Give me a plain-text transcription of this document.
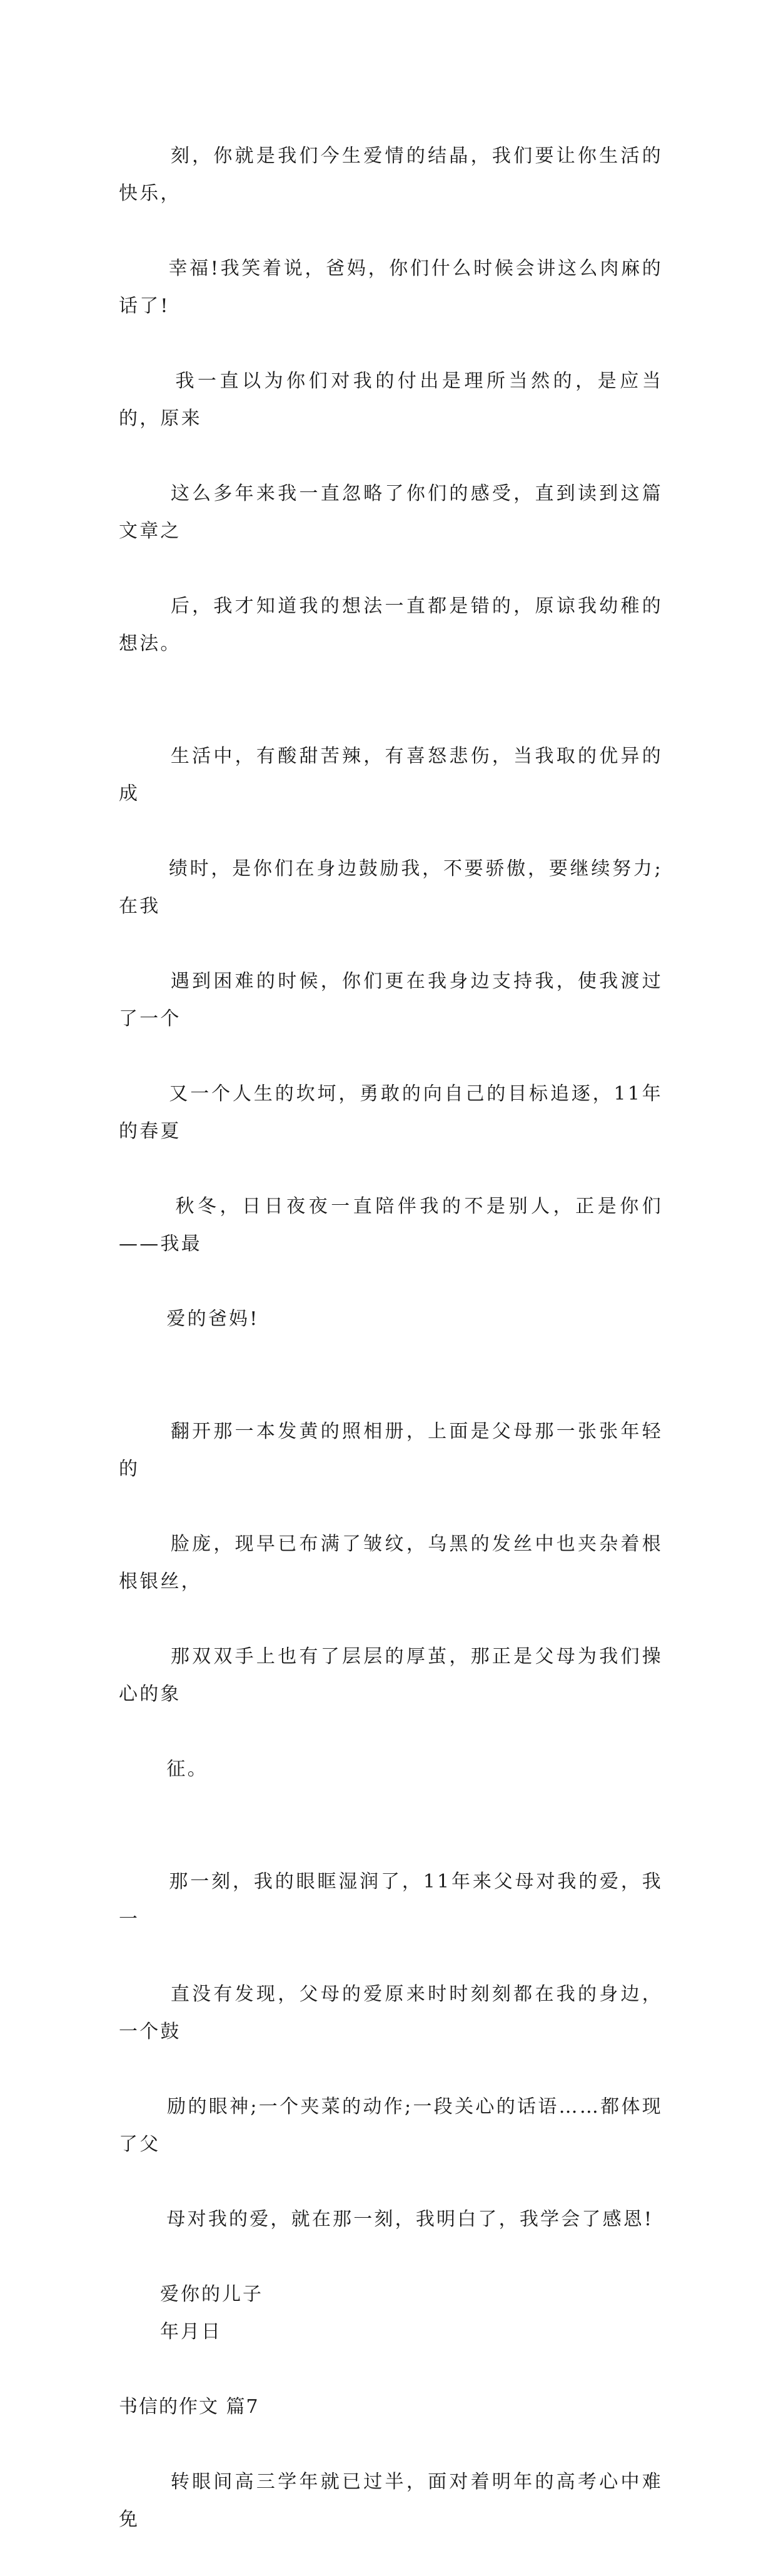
刻，你就是我们今生爱情的结晶，我们要让你生活的快乐，

幸福!我笑着说，爸妈，你们什么时候会讲这么肉麻的话了!

我一直以为你们对我的付出是理所当然的，是应当的，原来

这么多年来我一直忽略了你们的感受，直到读到这篇文章之

后，我才知道我的想法一直都是错的，原谅我幼稚的想法。

生活中，有酸甜苦辣，有喜怒悲伤，当我取的优异的成

绩时，是你们在身边鼓励我，不要骄傲，要继续努力;在我

遇到困难的时候，你们更在我身边支持我，使我渡过了一个

又一个人生的坎坷，勇敢的向自己的目标追逐，11年的春夏

秋冬，日日夜夜一直陪伴我的不是别人，正是你们——我最

爱的爸妈!

翻开那一本发黄的照相册，上面是父母那一张张年轻的

脸庞，现早已布满了皱纹，乌黑的发丝中也夹杂着根根银丝，

那双双手上也有了层层的厚茧，那正是父母为我们操心的象

征。

那一刻，我的眼眶湿润了，11年来父母对我的爱，我一

直没有发现，父母的爱原来时时刻刻都在我的身边，一个鼓

励的眼神;一个夹菜的动作;一段关心的话语……都体现了父

母对我的爱，就在那一刻，我明白了，我学会了感恩!

爱你的儿子

年月日

书信的作文 篇7

转眼间高三学年就已过半，面对着明年的高考心中难免
